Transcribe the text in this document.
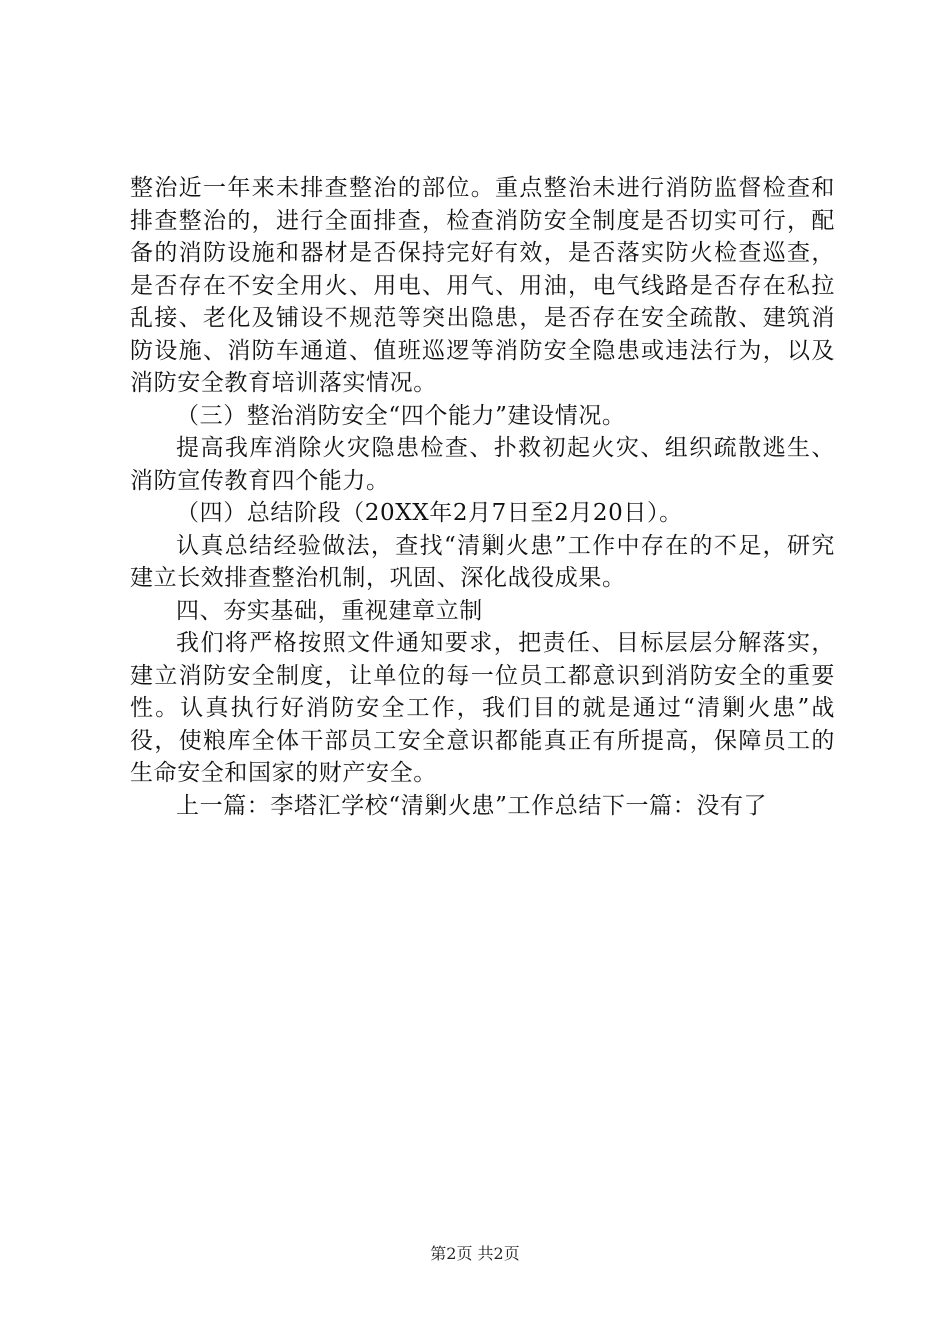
整治近一年来未排查整治的部位。重点整治未进行消防监督检查和排查整治的，进行全面排查，检查消防安全制度是否切实可行，配备的消防设施和器材是否保持完好有效，是否落实防火检查巡查，是否存在不安全用火、用电、用气、用油，电气线路是否存在私拉乱接、老化及铺设不规范等突出隐患，是否存在安全疏散、建筑消防设施、消防车通道、值班巡逻等消防安全隐患或违法行为，以及消防安全教育培训落实情况。

（三）整治消防安全“四个能力”建设情况。

提高我库消除火灾隐患检查、扑救初起火灾、组织疏散逃生、消防宣传教育四个能力。

（四）总结阶段（20XX年2月7日至2月20日）。

认真总结经验做法，查找“清剿火患”工作中存在的不足，研究建立长效排查整治机制，巩固、深化战役成果。

四、夯实基础，重视建章立制

我们将严格按照文件通知要求，把责任、目标层层分解落实，建立消防安全制度，让单位的每一位员工都意识到消防安全的重要性。认真执行好消防安全工作，我们目的就是通过“清剿火患”战役，使粮库全体干部员工安全意识都能真正有所提高，保障员工的生命安全和国家的财产安全。

上一篇：李塔汇学校“清剿火患”工作总结下一篇：没有了

第2页 共2页
